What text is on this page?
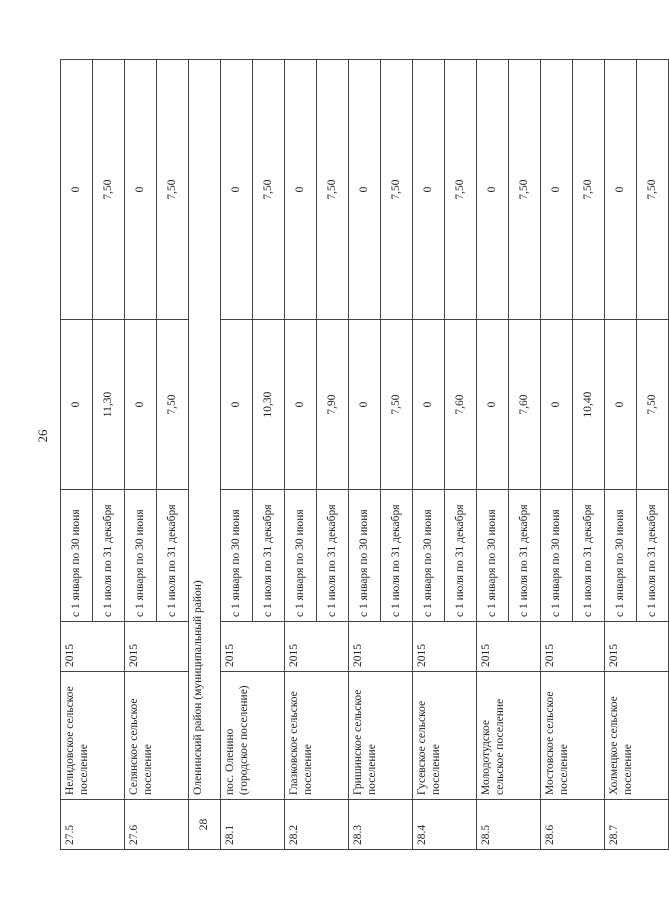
26
27.5	Нелидовское сельское поселение	2015	с 1 января по 30 июня	0	0
			с 1 июля по 31 декабря	11,30	7,50
27.6	Селянское сельское поселение	2015	с 1 января по 30 июня	0	0
			с 1 июля по 31 декабря	7,50	7,50
28	Оленинский район (муниципальный район)				
28.1	пос. Оленино (городское поселение)	2015	с 1 января по 30 июня	0	0
			с 1 июля по 31 декабря	10,30	7,50
28.2	Глазковское сельское поселение	2015	с 1 января по 30 июня	0	0
			с 1 июля по 31 декабря	7,90	7,50
28.3	Гришинское сельское поселение	2015	с 1 января по 30 июня	0	0
			с 1 июля по 31 декабря	7,50	7,50
28.4	Гусевское сельское поселение	2015	с 1 января по 30 июня	0	0
			с 1 июля по 31 декабря	7,60	7,50
28.5	Молодотудское сельское поселение	2015	с 1 января по 30 июня	0	0
			с 1 июля по 31 декабря	7,60	7,50
28.6	Мостовское сельское поселение	2015	с 1 января по 30 июня	0	0
			с 1 июля по 31 декабря	10,40	7,50
28.7	Холмецкое сельское поселение	2015	с 1 января по 30 июня	0	0
			с 1 июля по 31 декабря	7,50	7,50
